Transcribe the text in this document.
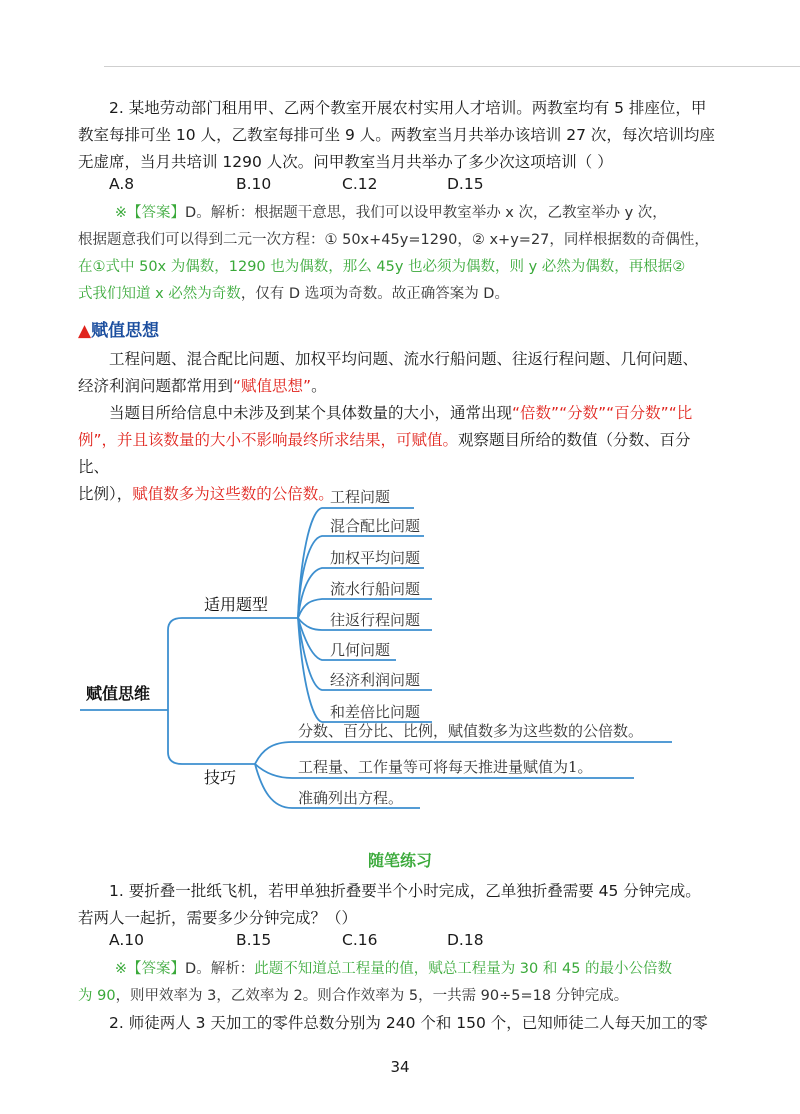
2. 某地劳动部门租用甲、乙两个教室开展农村实用人才培训。两教室均有 5 排座位，甲

教室每排可坐 10 人，乙教室每排可坐 9 人。两教室当月共举办该培训 27 次，每次培训均座
无虚席，当月共培训 1290 人次。问甲教室当月共举办了多少次这项培训（ ）

A.8	B.10	C.12	D.15

※【答案】D。解析：根据题干意思，我们可以设甲教室举办 x 次，乙教室举办 y 次，
根据题意我们可以得到二元一次方程：① 50x+45y=1290，② x+y=27，同样根据数的奇偶性，
在①式中 50x 为偶数，1290 也为偶数，那么 45y 也必须为偶数，则 y 必然为偶数，再根据②
式我们知道 x 必然为奇数，仅有 D 选项为奇数。故正确答案为 D。

▲赋值思想

工程问题、混合配比问题、加权平均问题、流水行船问题、往返行程问题、几何问题、

经济利润问题都常用到“赋值思想”。

当题目所给信息中未涉及到某个具体数量的大小，通常出现“倍数”“分数”“百分数”“比

例”，并且该数量的大小不影响最终所求结果，可赋值。观察题目所给的数值（分数、百分比、
比例），赋值数多为这些数的公倍数。

赋值思维
适用题型
技巧
工程问题
混合配比问题
加权平均问题
流水行船问题
往返行程问题
几何问题
经济利润问题
和差倍比问题
分数、百分比、比例，赋值数多为这些数的公倍数。
工程量、工作量等可将每天推进量赋值为1。
准确列出方程。
随笔练习

1. 要折叠一批纸飞机，若甲单独折叠要半个小时完成，乙单独折叠需要 45 分钟完成。

若两人一起折，需要多少分钟完成？（）

A.10	B.15	C.16	D.18

※【答案】D。解析：此题不知道总工程量的值，赋总工程量为 30 和 45 的最小公倍数
为 90，则甲效率为 3，乙效率为 2。则合作效率为 5，一共需 90÷5=18 分钟完成。

2. 师徒两人 3 天加工的零件总数分别为 240 个和 150 个，已知师徒二人每天加工的零

34
